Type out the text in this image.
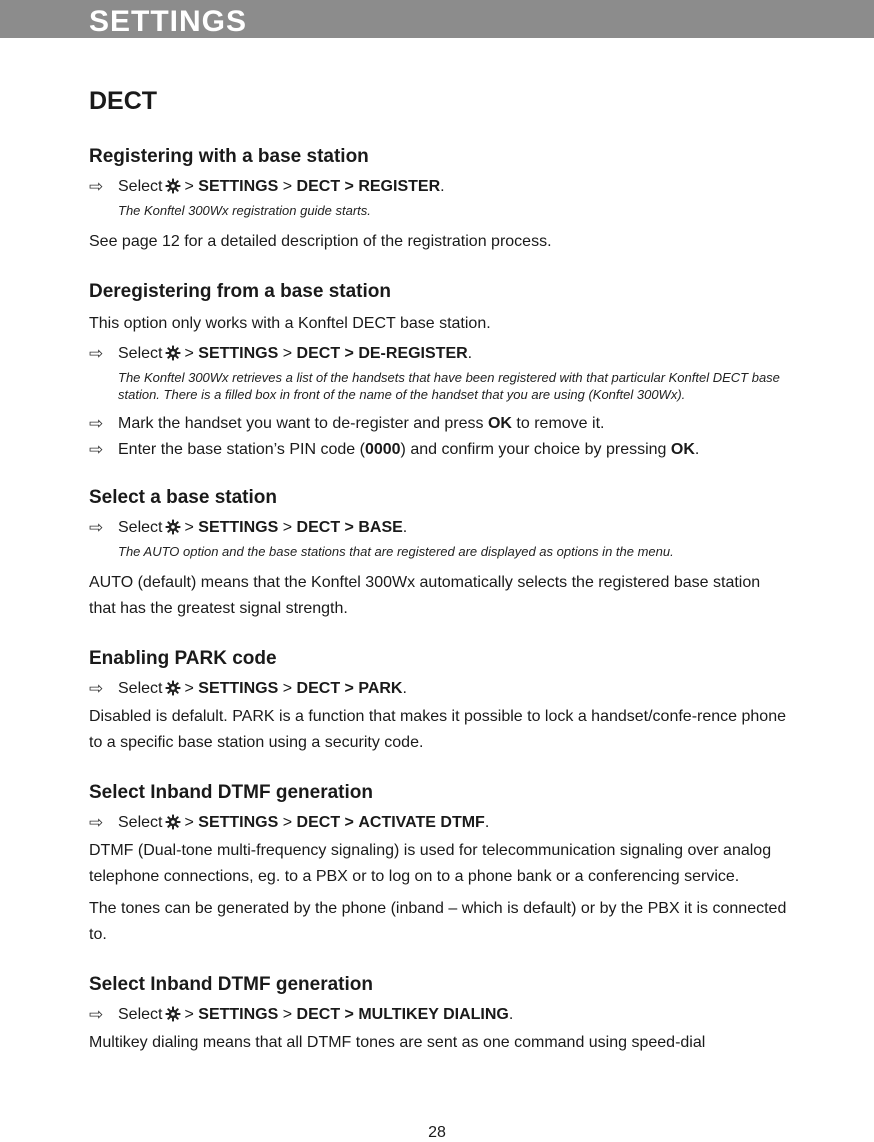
SETTINGS
DECT
Registering with a base station
⇨ Select > SETTINGS > DECT > REGISTER.
The Konftel 300Wx registration guide starts.
See page 12 for a detailed description of the registration process.
Deregistering from a base station
This option only works with a Konftel DECT base station.
⇨ Select > SETTINGS > DECT > DE-REGISTER.
The Konftel 300Wx retrieves a list of the handsets that have been registered with that particular Konftel DECT base station. There is a filled box in front of the name of the handset that you are using (Konftel 300Wx).
⇨ Mark the handset you want to de-register and press OK to remove it.
⇨ Enter the base station’s PIN code (0000) and confirm your choice by pressing OK.
Select a base station
⇨ Select > SETTINGS > DECT > BASE.
The AUTO option and the base stations that are registered are displayed as options in the menu.
AUTO (default) means that the Konftel 300Wx automatically selects the registered base station that has the greatest signal strength.
Enabling PARK code
⇨ Select > SETTINGS > DECT > PARK.
Disabled is defalult. PARK is a function that makes it possible to lock a handset/confe-rence phone to a specific base station using a security code.
Select Inband DTMF generation
⇨ Select > SETTINGS > DECT > ACTIVATE DTMF.
DTMF (Dual-tone multi-frequency signaling) is used for telecommunication signaling over analog telephone connections, eg. to a PBX or to log on to a phone bank or a conferencing service.
The tones can be generated by the phone (inband – which is default) or by the PBX it is connected to.
Select Inband DTMF generation
⇨ Select > SETTINGS > DECT > MULTIKEY DIALING.
Multikey dialing means that all DTMF tones are sent as one command using speed-dial
28
